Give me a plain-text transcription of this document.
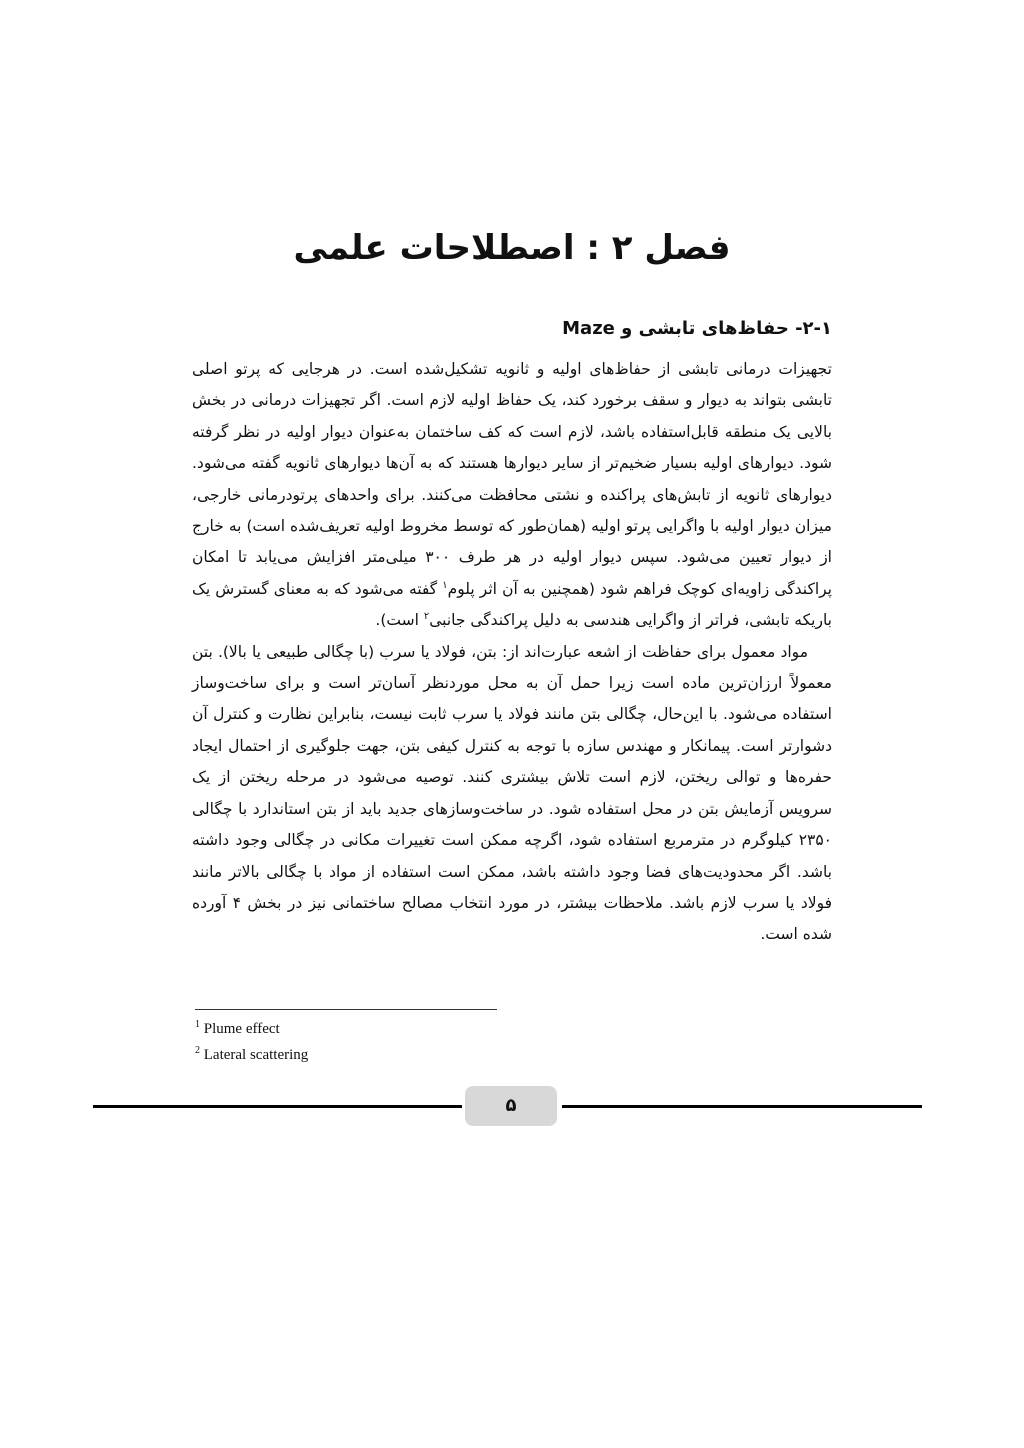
فصل ۲ : اصطلاحات علمی
۲-۱- حفاظ‌های تابشی و Maze

تجهیزات درمانی تابشی از حفاظ‌های اولیه و ثانویه تشکیل‌شده است. در هرجایی که پرتو اصلی تابشی بتواند به دیوار و سقف برخورد کند، یک حفاظ اولیه لازم است. اگر تجهیزات درمانی در بخش بالایی یک منطقه قابل‌استفاده باشد، لازم است که کف ساختمان به‌عنوان دیوار اولیه در نظر گرفته شود. دیوارهای اولیه بسیار ضخیم‌تر از سایر دیوارها هستند که به آن‌ها دیوارهای ثانویه گفته می‌شود. دیوارهای ثانویه از تابش‌های پراکنده و نشتی محافظت می‌کنند. برای واحدهای پرتودرمانی خارجی، میزان دیوار اولیه با واگرایی پرتو اولیه (همان‌طور که توسط مخروط اولیه تعریف‌شده است) به خارج از دیوار تعیین می‌شود. سپس دیوار اولیه در هر طرف ۳۰۰ میلی‌متر افزایش می‌یابد تا امکان پراکندگی زاویه‌ای کوچک فراهم شود (همچنین به آن اثر پلوم$^۱$ گفته می‌شود که به معنای گسترش یک باریکه تابشی، فراتر از واگرایی هندسی به دلیل پراکندگی جانبی$^۲$ است).

مواد معمول برای حفاظت از اشعه عبارت‌اند از: بتن، فولاد یا سرب (با چگالی طبیعی یا بالا). بتن معمولاً ارزان‌ترین ماده است زیرا حمل آن به محل موردنظر آسان‌تر است و برای ساخت‌وساز استفاده می‌شود. با این‌حال، چگالی بتن مانند فولاد یا سرب ثابت نیست، بنابراین نظارت و کنترل آن دشوارتر است. پیمانکار و مهندس سازه با توجه به کنترل کیفی بتن، جهت جلوگیری از احتمال ایجاد حفره‌ها و توالی ریختن، لازم است تلاش بیشتری کنند. توصیه می‌شود در مرحله ریختن از یک سرویس آزمایش بتن در محل استفاده شود. در ساخت‌وسازهای جدید باید از بتن استاندارد با چگالی ۲۳۵۰ کیلوگرم در مترمربع استفاده شود، اگرچه ممکن است تغییرات مکانی در چگالی وجود داشته باشد. اگر محدودیت‌های فضا وجود داشته باشد، ممکن است استفاده از مواد با چگالی بالاتر مانند فولاد یا سرب لازم باشد. ملاحظات بیشتر، در مورد انتخاب مصالح ساختمانی نیز در بخش ۴ آورده شده است.

$^1$ Plume effect
$^2$ Lateral scattering
۵
